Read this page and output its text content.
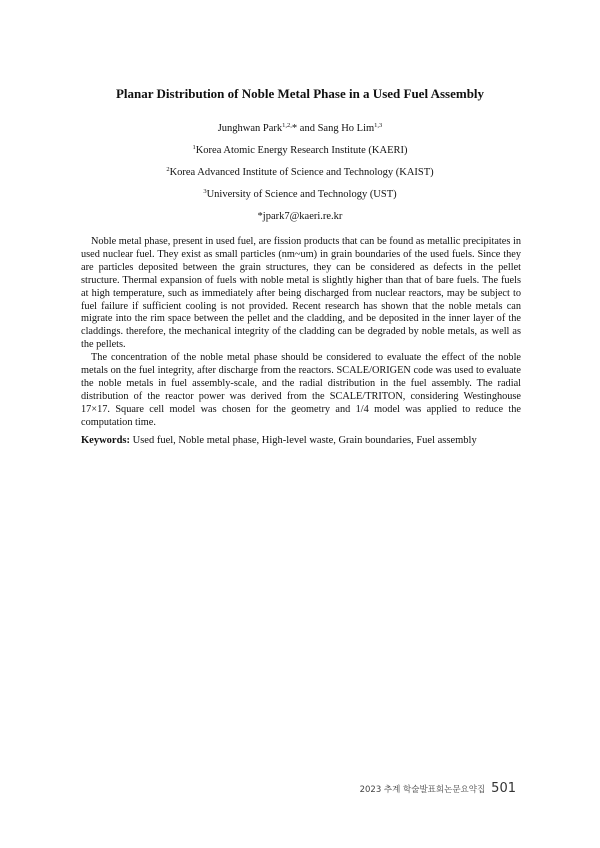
Planar Distribution of Noble Metal Phase in a Used Fuel Assembly
Junghwan Park$^{1,2,}$* and Sang Ho Lim$^{1,3}$
$^1$Korea Atomic Energy Research Institute (KAERI)
$^2$Korea Advanced Institute of Science and Technology (KAIST)
$^3$University of Science and Technology (UST)
*jpark7@kaeri.re.kr

Noble metal phase, present in used fuel, are fission products that can be found as metallic precipitates in used nuclear fuel. They exist as small particles (nm~um) in grain boundaries of the used fuels. Since they are particles deposited between the grain structures, they can be considered as defects in the pellet structure. Thermal expansion of fuels with noble metal is slightly higher than that of bare fuels. The fuels at high temperature, such as immediately after being discharged from nuclear reactors, may be subject to fuel failure if sufficient cooling is not provided. Recent research has shown that the noble metals can migrate into the rim space between the pellet and the cladding, and be deposited in the inner layer of the claddings. therefore, the mechanical integrity of the cladding can be degraded by noble metals, as well as the pellets.

The concentration of the noble metal phase should be considered to evaluate the effect of the noble metals on the fuel integrity, after discharge from the reactors. SCALE/ORIGEN code was used to evaluate the noble metals in fuel assembly-scale, and the radial distribution in the fuel assembly. The radial distribution of the reactor power was derived from the SCALE/TRITON, considering Westinghouse 17×17. Square cell model was chosen for the geometry and 1/4 model was applied to reduce the computation time.

Keywords: Used fuel, Noble metal phase, High-level waste, Grain boundaries, Fuel assembly
2023 추계 학술발표회논문요약집 501
